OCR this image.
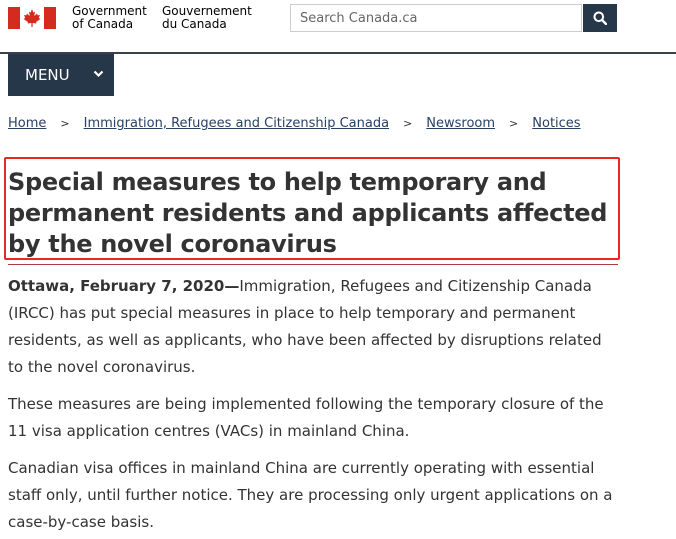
Government
of Canada
Gouvernement
du Canada
Search Canada.ca
MENU
Home > Immigration, Refugees and Citizenship Canada > Newsroom > Notices
Special measures to help temporary and permanent residents and applicants affected by the novel coronavirus

Ottawa, February 7, 2020—Immigration, Refugees and Citizenship Canada (IRCC) has put special measures in place to help temporary and permanent residents, as well as applicants, who have been affected by disruptions related to the novel coronavirus.

These measures are being implemented following the temporary closure of the 11 visa application centres (VACs) in mainland China.

Canadian visa offices in mainland China are currently operating with essential staff only, until further notice. They are processing only urgent applications on a case-by-case basis.
